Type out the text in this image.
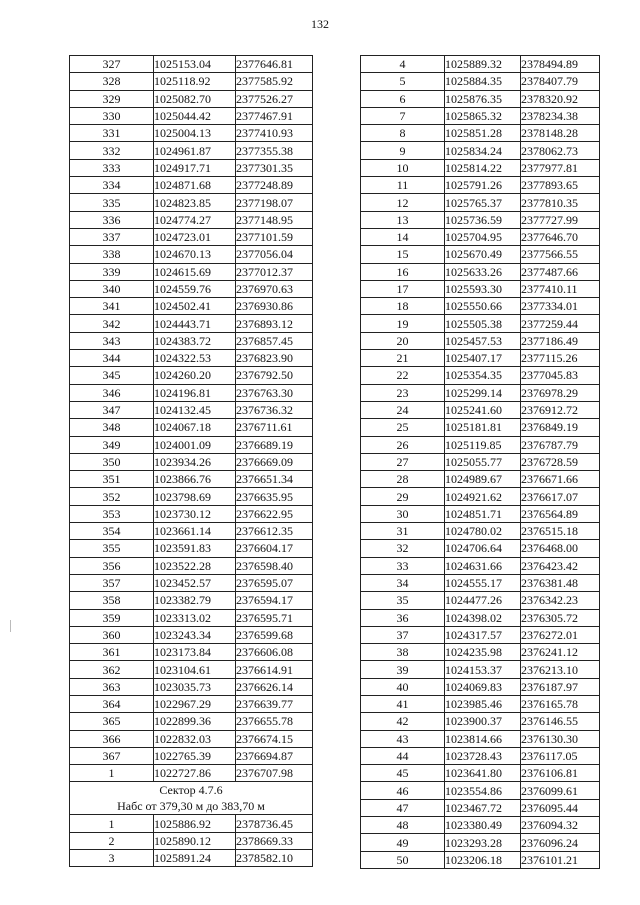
132
327	1025153.04	2377646.81
328	1025118.92	2377585.92
329	1025082.70	2377526.27
330	1025044.42	2377467.91
331	1025004.13	2377410.93
332	1024961.87	2377355.38
333	1024917.71	2377301.35
334	1024871.68	2377248.89
335	1024823.85	2377198.07
336	1024774.27	2377148.95
337	1024723.01	2377101.59
338	1024670.13	2377056.04
339	1024615.69	2377012.37
340	1024559.76	2376970.63
341	1024502.41	2376930.86
342	1024443.71	2376893.12
343	1024383.72	2376857.45
344	1024322.53	2376823.90
345	1024260.20	2376792.50
346	1024196.81	2376763.30
347	1024132.45	2376736.32
348	1024067.18	2376711.61
349	1024001.09	2376689.19
350	1023934.26	2376669.09
351	1023866.76	2376651.34
352	1023798.69	2376635.95
353	1023730.12	2376622.95
354	1023661.14	2376612.35
355	1023591.83	2376604.17
356	1023522.28	2376598.40
357	1023452.57	2376595.07
358	1023382.79	2376594.17
359	1023313.02	2376595.71
360	1023243.34	2376599.68
361	1023173.84	2376606.08
362	1023104.61	2376614.91
363	1023035.73	2376626.14
364	1022967.29	2376639.77
365	1022899.36	2376655.78
366	1022832.03	2376674.15
367	1022765.39	2376694.87
1	1022727.86	2376707.98

Сектор 4.7.6
Набс от 379,30 м до 383,70 м		

1	1025886.92	2378736.45
2	1025890.12	2378669.33
3	1025891.24	2378582.10
4	1025889.32	2378494.89
5	1025884.35	2378407.79
6	1025876.35	2378320.92
7	1025865.32	2378234.38
8	1025851.28	2378148.28
9	1025834.24	2378062.73
10	1025814.22	2377977.81
11	1025791.26	2377893.65
12	1025765.37	2377810.35
13	1025736.59	2377727.99
14	1025704.95	2377646.70
15	1025670.49	2377566.55
16	1025633.26	2377487.66
17	1025593.30	2377410.11
18	1025550.66	2377334.01
19	1025505.38	2377259.44
20	1025457.53	2377186.49
21	1025407.17	2377115.26
22	1025354.35	2377045.83
23	1025299.14	2376978.29
24	1025241.60	2376912.72
25	1025181.81	2376849.19
26	1025119.85	2376787.79
27	1025055.77	2376728.59
28	1024989.67	2376671.66
29	1024921.62	2376617.07
30	1024851.71	2376564.89
31	1024780.02	2376515.18
32	1024706.64	2376468.00
33	1024631.66	2376423.42
34	1024555.17	2376381.48
35	1024477.26	2376342.23
36	1024398.02	2376305.72
37	1024317.57	2376272.01
38	1024235.98	2376241.12
39	1024153.37	2376213.10
40	1024069.83	2376187.97
41	1023985.46	2376165.78
42	1023900.37	2376146.55
43	1023814.66	2376130.30
44	1023728.43	2376117.05
45	1023641.80	2376106.81
46	1023554.86	2376099.61
47	1023467.72	2376095.44
48	1023380.49	2376094.32
49	1023293.28	2376096.24
50	1023206.18	2376101.21
